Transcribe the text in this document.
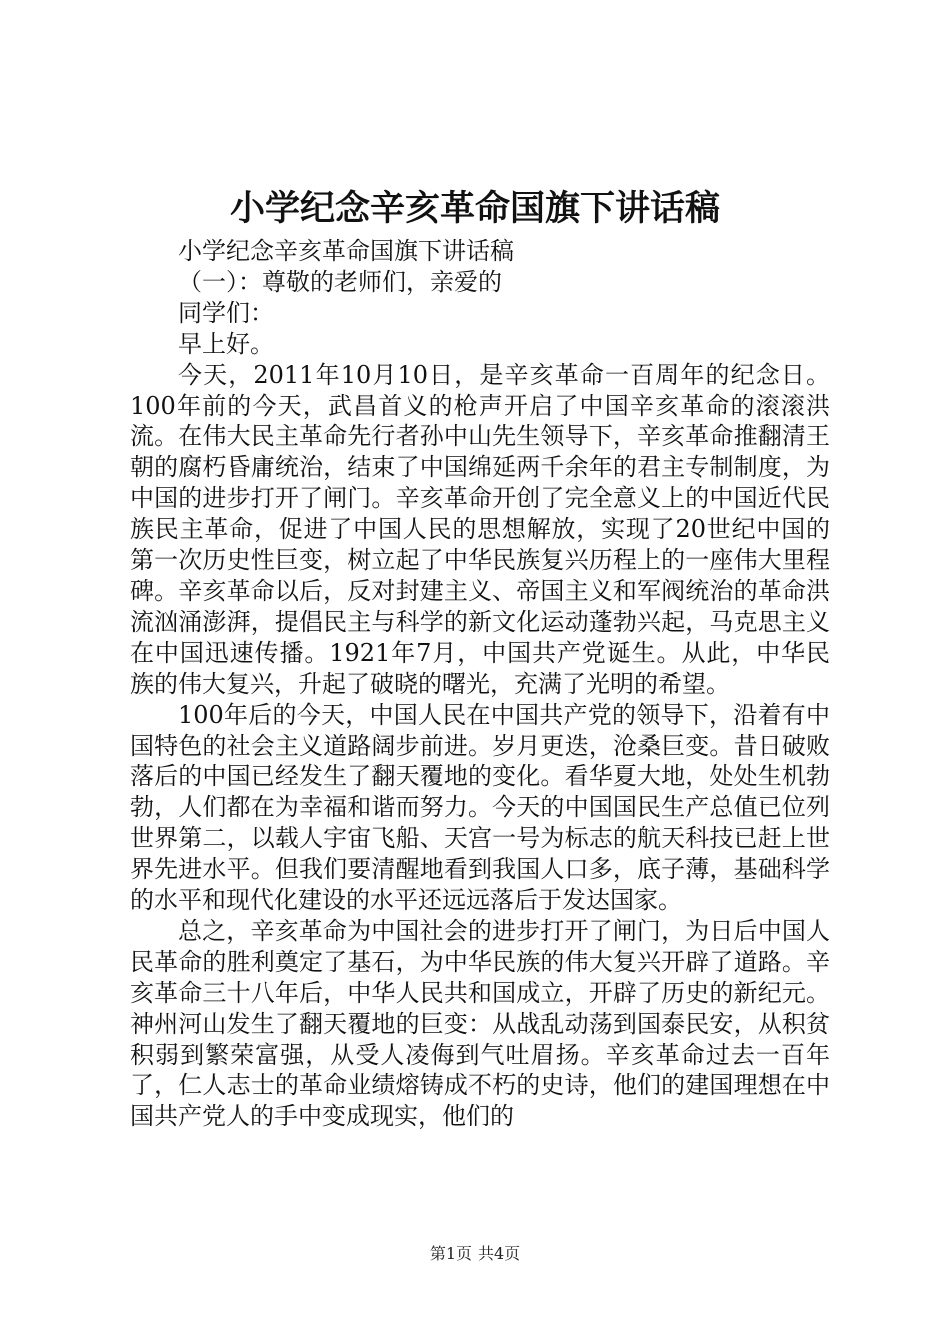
小学纪念辛亥革命国旗下讲话稿

小学纪念辛亥革命国旗下讲话稿

（一）：尊敬的老师们，亲爱的

同学们：

早上好。

今天，2011年10月10日，是辛亥革命一百周年的纪念日。100年前的今天，武昌首义的枪声开启了中国辛亥革命的滚滚洪流。在伟大民主革命先行者孙中山先生领导下，辛亥革命推翻清王朝的腐朽昏庸统治，结束了中国绵延两千余年的君主专制制度，为中国的进步打开了闸门。辛亥革命开创了完全意义上的中国近代民族民主革命，促进了中国人民的思想解放，实现了20世纪中国的第一次历史性巨变，树立起了中华民族复兴历程上的一座伟大里程碑。辛亥革命以后，反对封建主义、帝国主义和军阀统治的革命洪流汹涌澎湃，提倡民主与科学的新文化运动蓬勃兴起，马克思主义在中国迅速传播。1921年7月，中国共产党诞生。从此，中华民族的伟大复兴，升起了破晓的曙光，充满了光明的希望。

100年后的今天，中国人民在中国共产党的领导下，沿着有中国特色的社会主义道路阔步前进。岁月更迭，沧桑巨变。昔日破败落后的中国已经发生了翻天覆地的变化。看华夏大地，处处生机勃勃，人们都在为幸福和谐而努力。今天的中国国民生产总值已位列世界第二，以载人宇宙飞船、天宫一号为标志的航天科技已赶上世界先进水平。但我们要清醒地看到我国人口多，底子薄，基础科学的水平和现代化建设的水平还远远落后于发达国家。

总之，辛亥革命为中国社会的进步打开了闸门，为日后中国人民革命的胜利奠定了基石，为中华民族的伟大复兴开辟了道路。辛亥革命三十八年后，中华人民共和国成立，开辟了历史的新纪元。神州河山发生了翻天覆地的巨变：从战乱动荡到国泰民安，从积贫积弱到繁荣富强，从受人凌侮到气吐眉扬。辛亥革命过去一百年了，仁人志士的革命业绩熔铸成不朽的史诗，他们的建国理想在中国共产党人的手中变成现实，他们的

第1页 共4页
